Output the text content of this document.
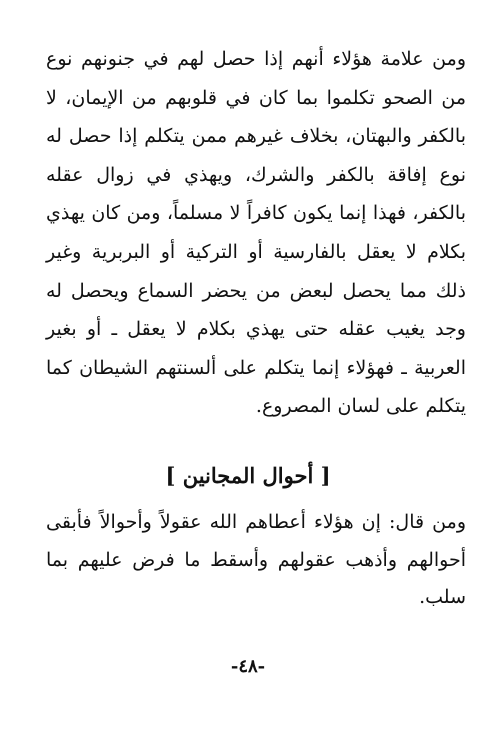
ومن علامة هؤلاء أنهم إذا حصل لهم في جنونهم نوع من الصحو تكلموا بما كان في قلوبهم من الإيمان، لا بالكفر والبهتان، بخلاف غيرهم ممن يتكلم إذا حصل له نوع إفاقة بالكفر والشرك، ويهذي في زوال عقله بالكفر، فهذا إنما يكون كافراً لا مسلماً، ومن كان يهذي بكلام لا يعقل بالفارسية أو التركية أو البربرية وغير ذلك مما يحصل لبعض من يحضر السماع ويحصل له وجد يغيب عقله حتى يهذي بكلام لا يعقل ـ أو بغير العربية ـ فهؤلاء إنما يتكلم على ألسنتهم الشيطان كما يتكلم على لسان المصروع.

[ أحوال المجانين ]

ومن قال: إن هؤلاء أعطاهم الله عقولاً وأحوالاً فأبقى أحوالهم وأذهب عقولهم وأسقط ما فرض عليهم بما سلب.

-٤٨-
